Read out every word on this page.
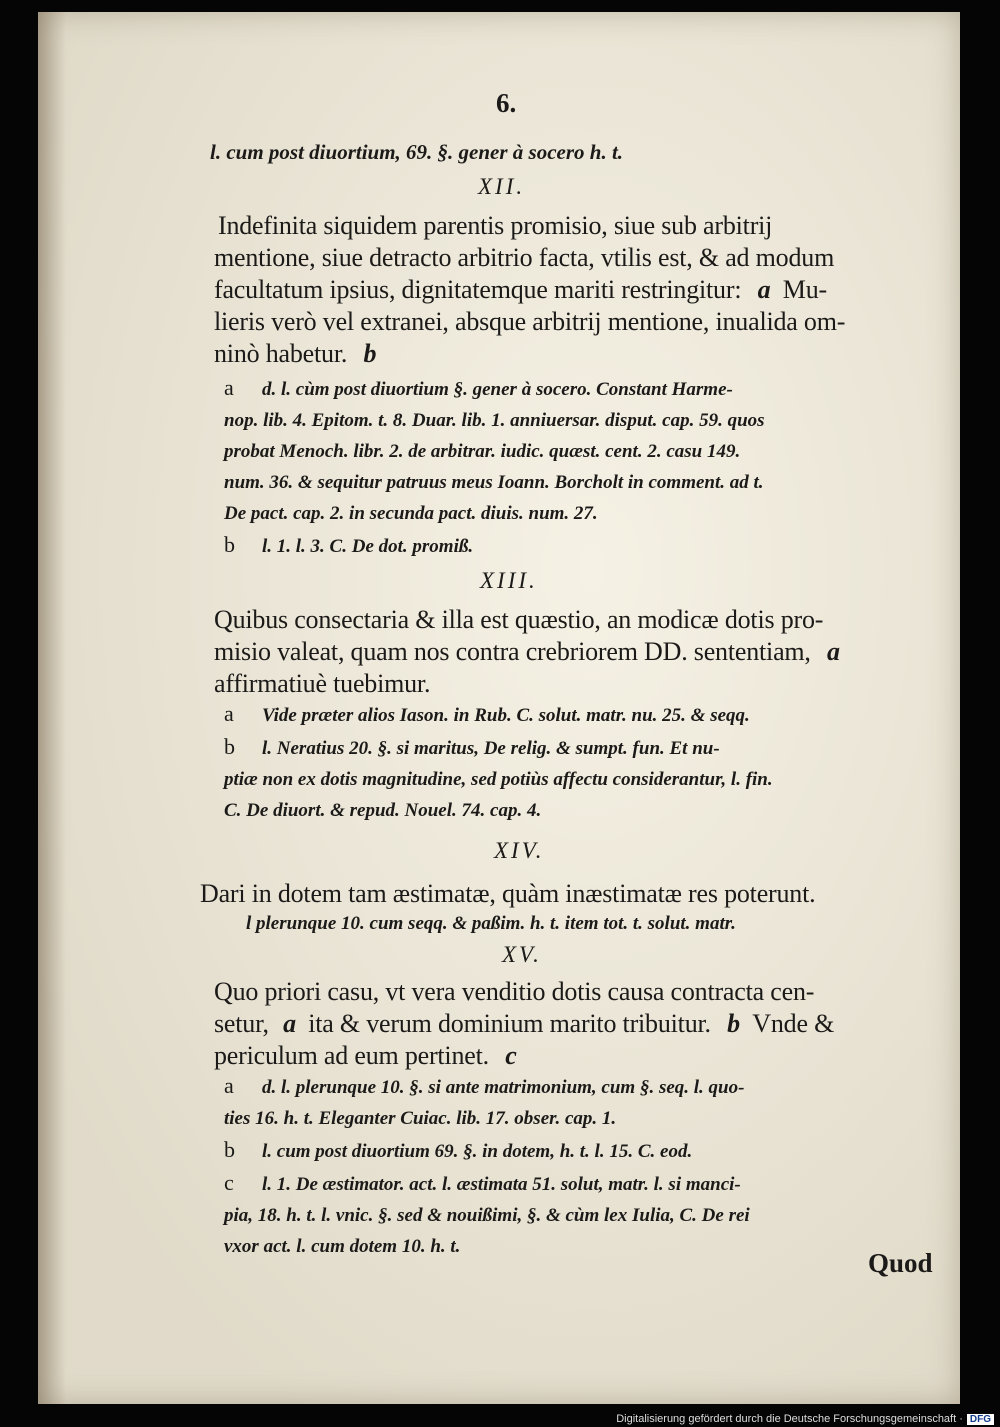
6.
l. cum post diuortium, 69. §. gener à socero h. t.
XII.
Indefinita siquidem parentis promisio, siue sub arbitrij
mentione, siue detracto arbitrio facta, vtilis est, & ad modum
facultatum ipsius, dignitatemque mariti restringitur: a Mu-
lieris verò vel extranei, absque arbitrij mentione, inualida om-
ninò habetur. b
a d. l. cùm post diuortium §. gener à socero. Constant Harme-
nop. lib. 4. Epitom. t. 8. Duar. lib. 1. anniuersar. disput. cap. 59. quos
probat Menoch. libr. 2. de arbitrar. iudic. quæst. cent. 2. casu 149.
num. 36. & sequitur patruus meus Ioann. Borcholt in comment. ad t.
De pact. cap. 2. in secunda pact. diuis. num. 27.
b l. 1. l. 3. C. De dot. promiß.
XIII.
Quibus consectaria & illa est quæstio, an modicæ dotis pro-
misio valeat, quam nos contra crebriorem DD. sententiam, a
affirmatiuè tuebimur.
a Vide præter alios Iason. in Rub. C. solut. matr. nu. 25. & seqq.
b l. Neratius 20. §. si maritus, De relig. & sumpt. fun. Et nu-
ptiæ non ex dotis magnitudine, sed potiùs affectu considerantur, l. fin.
C. De diuort. & repud. Nouel. 74. cap. 4.
XIV.
Dari in dotem tam æstimatæ, quàm inæstimatæ res poterunt.
l plerunque 10. cum seqq. & paßim. h. t. item tot. t. solut. matr.
XV.
Quo priori casu, vt vera venditio dotis causa contracta cen-
setur, a ita & verum dominium marito tribuitur. b Vnde &
periculum ad eum pertinet. c
a d. l. plerunque 10. §. si ante matrimonium, cum §. seq. l. quo-
ties 16. h. t. Eleganter Cuiac. lib. 17. obser. cap. 1.
b l. cum post diuortium 69. §. in dotem, h. t. l. 15. C. eod.
c l. 1. De æstimator. act. l. æstimata 51. solut, matr. l. si manci-
pia, 18. h. t. l. vnic. §. sed & nouißimi, §. & cùm lex Iulia, C. De rei
vxor act. l. cum dotem 10. h. t.
Quod
Digitalisierung gefördert durch die Deutsche Forschungsgemeinschaft · DFG
